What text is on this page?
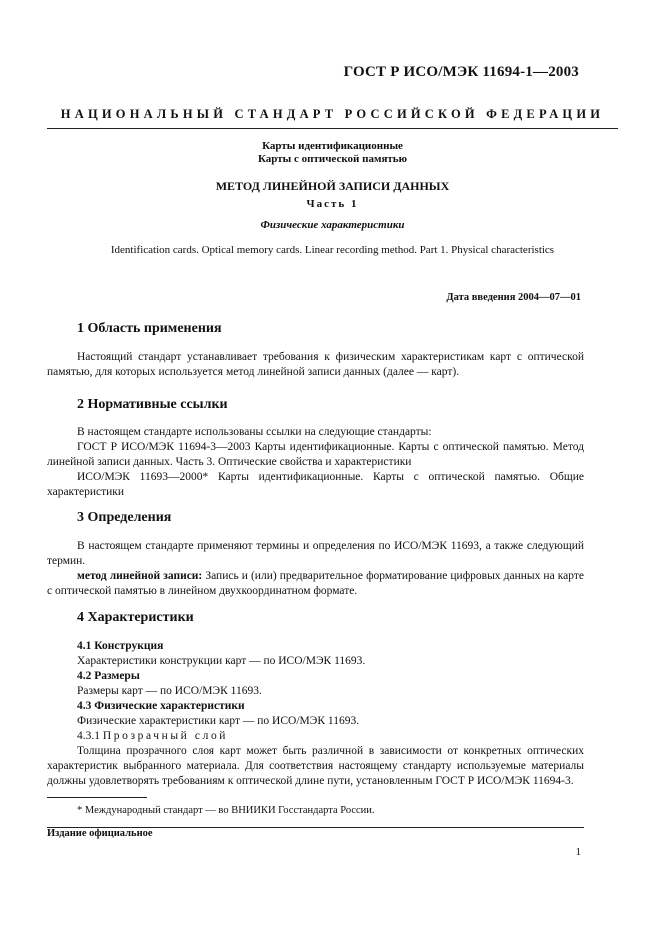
ГОСТ Р ИСО/МЭК 11694-1—2003
НАЦИОНАЛЬНЫЙ СТАНДАРТ РОССИЙСКОЙ ФЕДЕРАЦИИ
Карты идентификационные
Карты с оптической памятью
МЕТОД ЛИНЕЙНОЙ ЗАПИСИ ДАННЫХ
Часть 1
Физические характеристики
Identification cards. Optical memory cards. Linear recording method. Part 1. Physical characteristics
Дата введения 2004—07—01
1 Область применения

Настоящий стандарт устанавливает требования к физическим характеристикам карт с оптической памятью, для которых используется метод линейной записи данных (далее — карт).

2 Нормативные ссылки

В настоящем стандарте использованы ссылки на следующие стандарты:

ГОСТ Р ИСО/МЭК 11694-3—2003 Карты идентификационные. Карты с оптической памятью. Метод линейной записи данных. Часть 3. Оптические свойства и характеристики

ИСО/МЭК 11693—2000* Карты идентификационные. Карты с оптической памятью. Общие характеристики

3 Определения

В настоящем стандарте применяют термины и определения по ИСО/МЭК 11693, а также следующий термин.

метод линейной записи: Запись и (или) предварительное форматирование цифровых данных на карте с оптической памятью в линейном двухкоординатном формате.

4 Характеристики

4.1 Конструкция

Характеристики конструкции карт — по ИСО/МЭК 11693.

4.2 Размеры

Размеры карт — по ИСО/МЭК 11693.

4.3 Физические характеристики

Физические характеристики карт — по ИСО/МЭК 11693.

4.3.1 Прозрачный слой

Толщина прозрачного слоя карт может быть различной в зависимости от конкретных оптических характеристик выбранного материала. Для соответствия настоящему стандарту используемые материалы должны удовлетворять требованиям к оптической длине пути, установленным ГОСТ Р ИСО/МЭК 11694-3.

* Международный стандарт — во ВНИИКИ Госстандарта России.
Издание официальное
1
